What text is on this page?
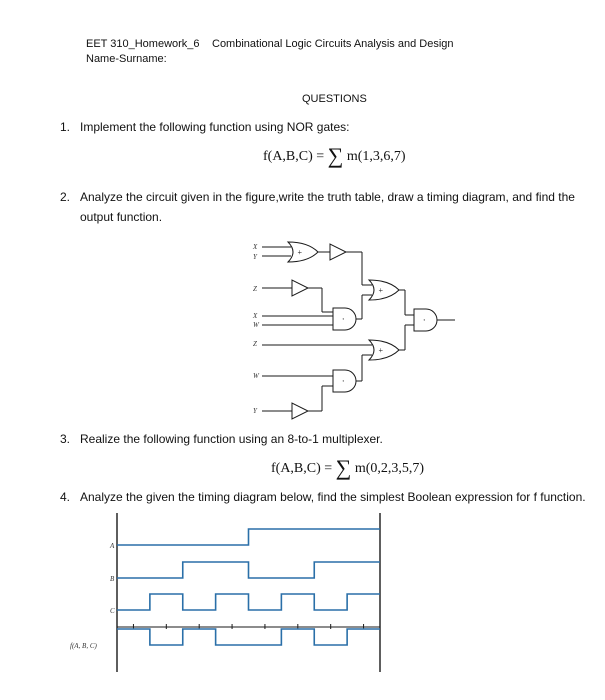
EET 310_Homework_6 Combinational Logic Circuits Analysis and Design
Name-Surname:
QUESTIONS
1. Implement the following function using NOR gates:
f(A,B,C) = ∑ m(1,3,6,7)
2. Analyze the circuit given in the figure,write the truth table, draw a timing diagram, and find the
output function.
X
Y
Z
X
W
Z
W
Y
+
·
+
·
+
·
3. Realize the following function using an 8-to-1 multiplexer.
f(A,B,C) = ∑ m(0,2,3,5,7)
4. Analyze the given the timing diagram below, find the simplest Boolean expression for f function.
A
B
C
f(A, B, C)
